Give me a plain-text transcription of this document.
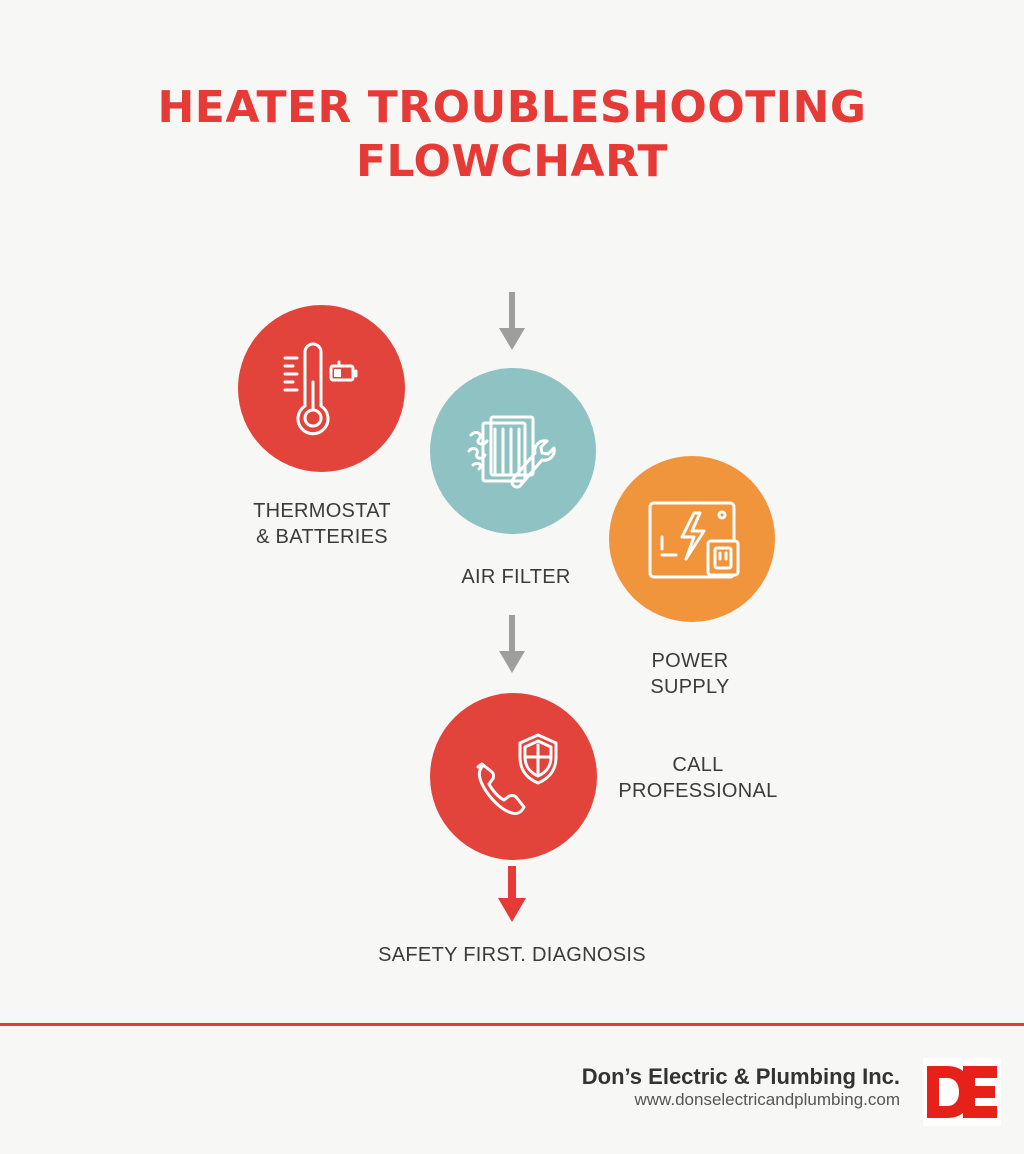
HEATER TROUBLESHOOTING
FLOWCHART
THERMOSTAT
& BATTERIES
AIR FILTER
POWER
SUPPLY
CALL
PROFESSIONAL
SAFETY FIRST. DIAGNOSIS
Don’s Electric & Plumbing Inc.
www.donselectricandplumbing.com
